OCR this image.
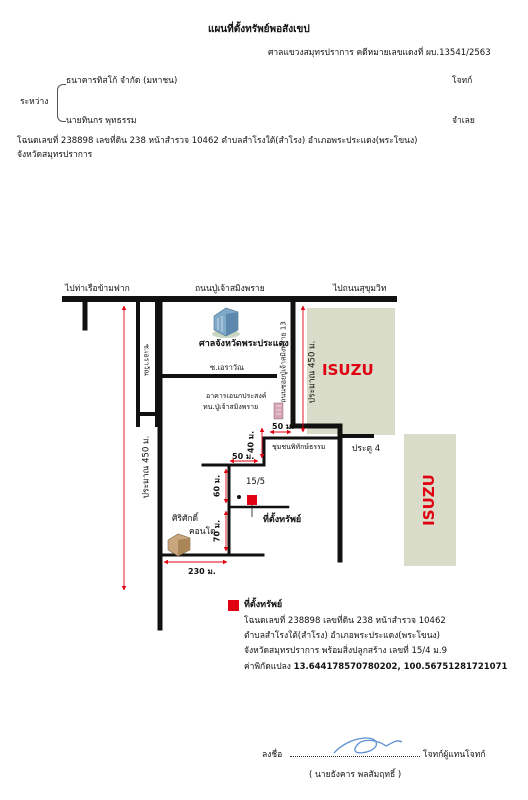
แผนที่ตั้งทรัพย์พอสังเขป
ศาลแขวงสมุทรปราการ คดีหมายเลขแดงที่ ผบ.13541/2563
ระหว่าง
ธนาคารทิสโก้ จำกัด (มหาชน)	โจทก์
นายทินกร พุทธรรม	จำเลย
โฉนดเลขที่ 238898 เลขที่ดิน 238 หน้าสำรวจ 10462 ตำบลสำโรงใต้(สำโรง) อำเภอพระประแดง(พระโขนง)
จังหวัดสมุทรปราการ
ไปท่าเรือข้ามฟาก	ถนนปู่เจ้าสมิงพราย	ไปถนนสุขุมวิท
ซ.เอราวัณ	ซ.เอราวัณ	ถนนซอยปู่เจ้าสมิงพราย 13
ศาลจังหวัดพระประแดง
อาคารเอนกประสงค์
ทน.ปู่เจ้าสมิงพราย
ชุมชนพิทักษ์ธรรม	ประตู 4
ISUZU
ISUZU
15/5
ที่ตั้งทรัพย์
ศิริศักดิ์
คอนโด
ประมาณ 450 ม.
ประมาณ 450 ม.
50 ม.
40 ม.
50 ม.
60 ม.
70 ม.
230 ม.
ที่ตั้งทรัพย์
โฉนดเลขที่ 238898 เลขที่ดิน 238 หน้าสำรวจ 10462
ตำบลสำโรงใต้(สำโรง) อำเภอพระประแดง(พระโขนง)
จังหวัดสมุทรปราการ พร้อมสิ่งปลูกสร้าง เลขที่ 15/4 ม.9
ค่าพิกัดแปลง 13.644178570780202, 100.56751281721071
ลงชื่อ	โจทก์ผู้แทนโจทก์
( นายธังคาร พลสัมฤทธิ์ )
